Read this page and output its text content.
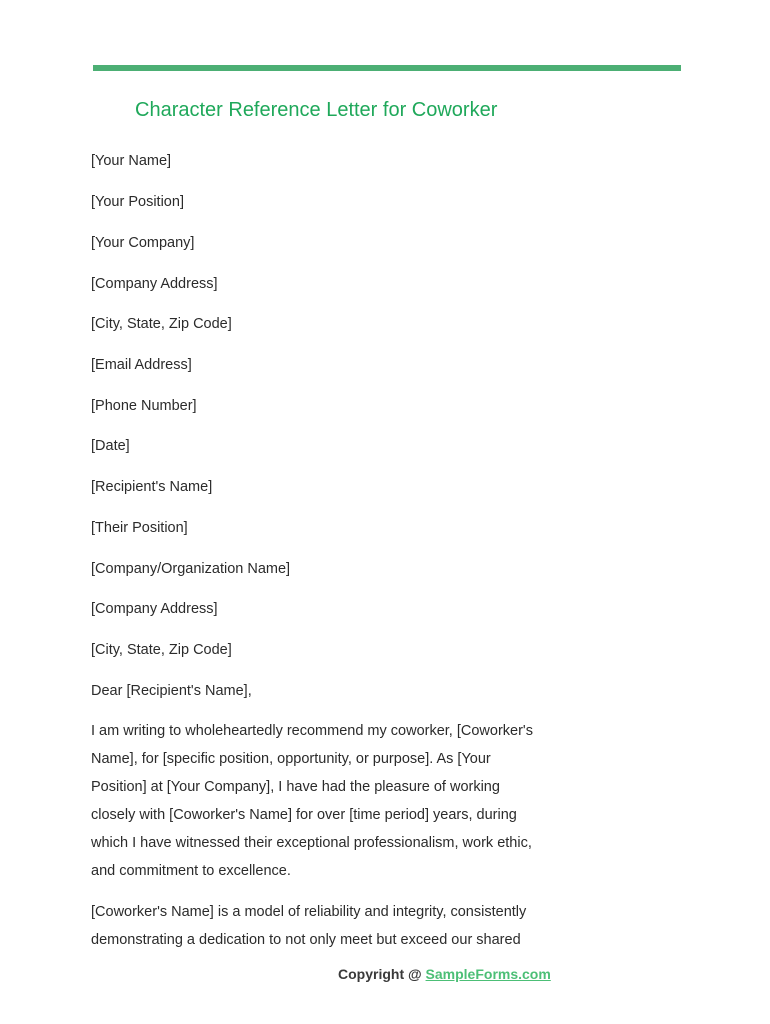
Character Reference Letter for Coworker
[Your Name]
[Your Position]
[Your Company]
[Company Address]
[City, State, Zip Code]
[Email Address]
[Phone Number]
[Date]
[Recipient's Name]
[Their Position]
[Company/Organization Name]
[Company Address]
[City, State, Zip Code]
Dear [Recipient's Name],
I am writing to wholeheartedly recommend my coworker, [Coworker's
Name], for [specific position, opportunity, or purpose]. As [Your
Position] at [Your Company], I have had the pleasure of working
closely with [Coworker's Name] for over [time period] years, during
which I have witnessed their exceptional professionalism, work ethic,
and commitment to excellence.
[Coworker's Name] is a model of reliability and integrity, consistently
demonstrating a dedication to not only meet but exceed our shared
Copyright @ SampleForms.com
